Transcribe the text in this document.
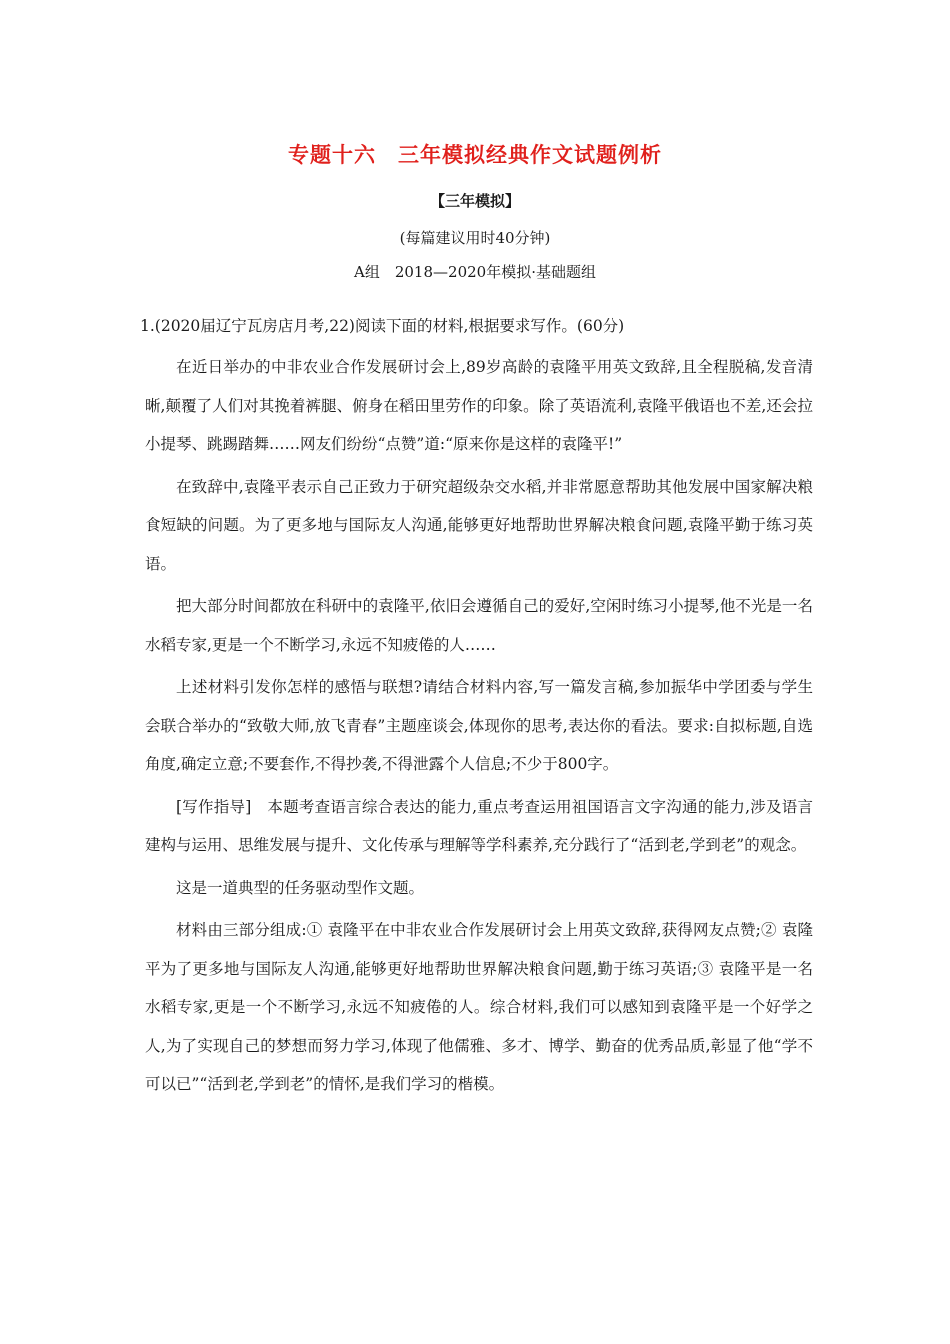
专题十六　三年模拟经典作文试题例析
【三年模拟】
(每篇建议用时40分钟)
A组　2018—2020年模拟·基础题组

1.(2020届辽宁瓦房店月考,22)阅读下面的材料,根据要求写作。(60分)

在近日举办的中非农业合作发展研讨会上,89岁高龄的袁隆平用英文致辞,且全程脱稿,发音清晰,颠覆了人们对其挽着裤腿、俯身在稻田里劳作的印象。除了英语流利,袁隆平俄语也不差,还会拉小提琴、跳踢踏舞……网友们纷纷“点赞”道:“原来你是这样的袁隆平!”

在致辞中,袁隆平表示自己正致力于研究超级杂交水稻,并非常愿意帮助其他发展中国家解决粮食短缺的问题。为了更多地与国际友人沟通,能够更好地帮助世界解决粮食问题,袁隆平勤于练习英语。

把大部分时间都放在科研中的袁隆平,依旧会遵循自己的爱好,空闲时练习小提琴,他不光是一名水稻专家,更是一个不断学习,永远不知疲倦的人……

上述材料引发你怎样的感悟与联想?请结合材料内容,写一篇发言稿,参加振华中学团委与学生会联合举办的“致敬大师,放飞青春”主题座谈会,体现你的思考,表达你的看法。要求:自拟标题,自选角度,确定立意;不要套作,不得抄袭,不得泄露个人信息;不少于800字。

[写作指导]　本题考查语言综合表达的能力,重点考查运用祖国语言文字沟通的能力,涉及语言建构与运用、思维发展与提升、文化传承与理解等学科素养,充分践行了“活到老,学到老”的观念。

这是一道典型的任务驱动型作文题。

材料由三部分组成:① 袁隆平在中非农业合作发展研讨会上用英文致辞,获得网友点赞;② 袁隆平为了更多地与国际友人沟通,能够更好地帮助世界解决粮食问题,勤于练习英语;③ 袁隆平是一名水稻专家,更是一个不断学习,永远不知疲倦的人。综合材料,我们可以感知到袁隆平是一个好学之人,为了实现自己的梦想而努力学习,体现了他儒雅、多才、博学、勤奋的优秀品质,彰显了他“学不可以已”“活到老,学到老”的情怀,是我们学习的楷模。
